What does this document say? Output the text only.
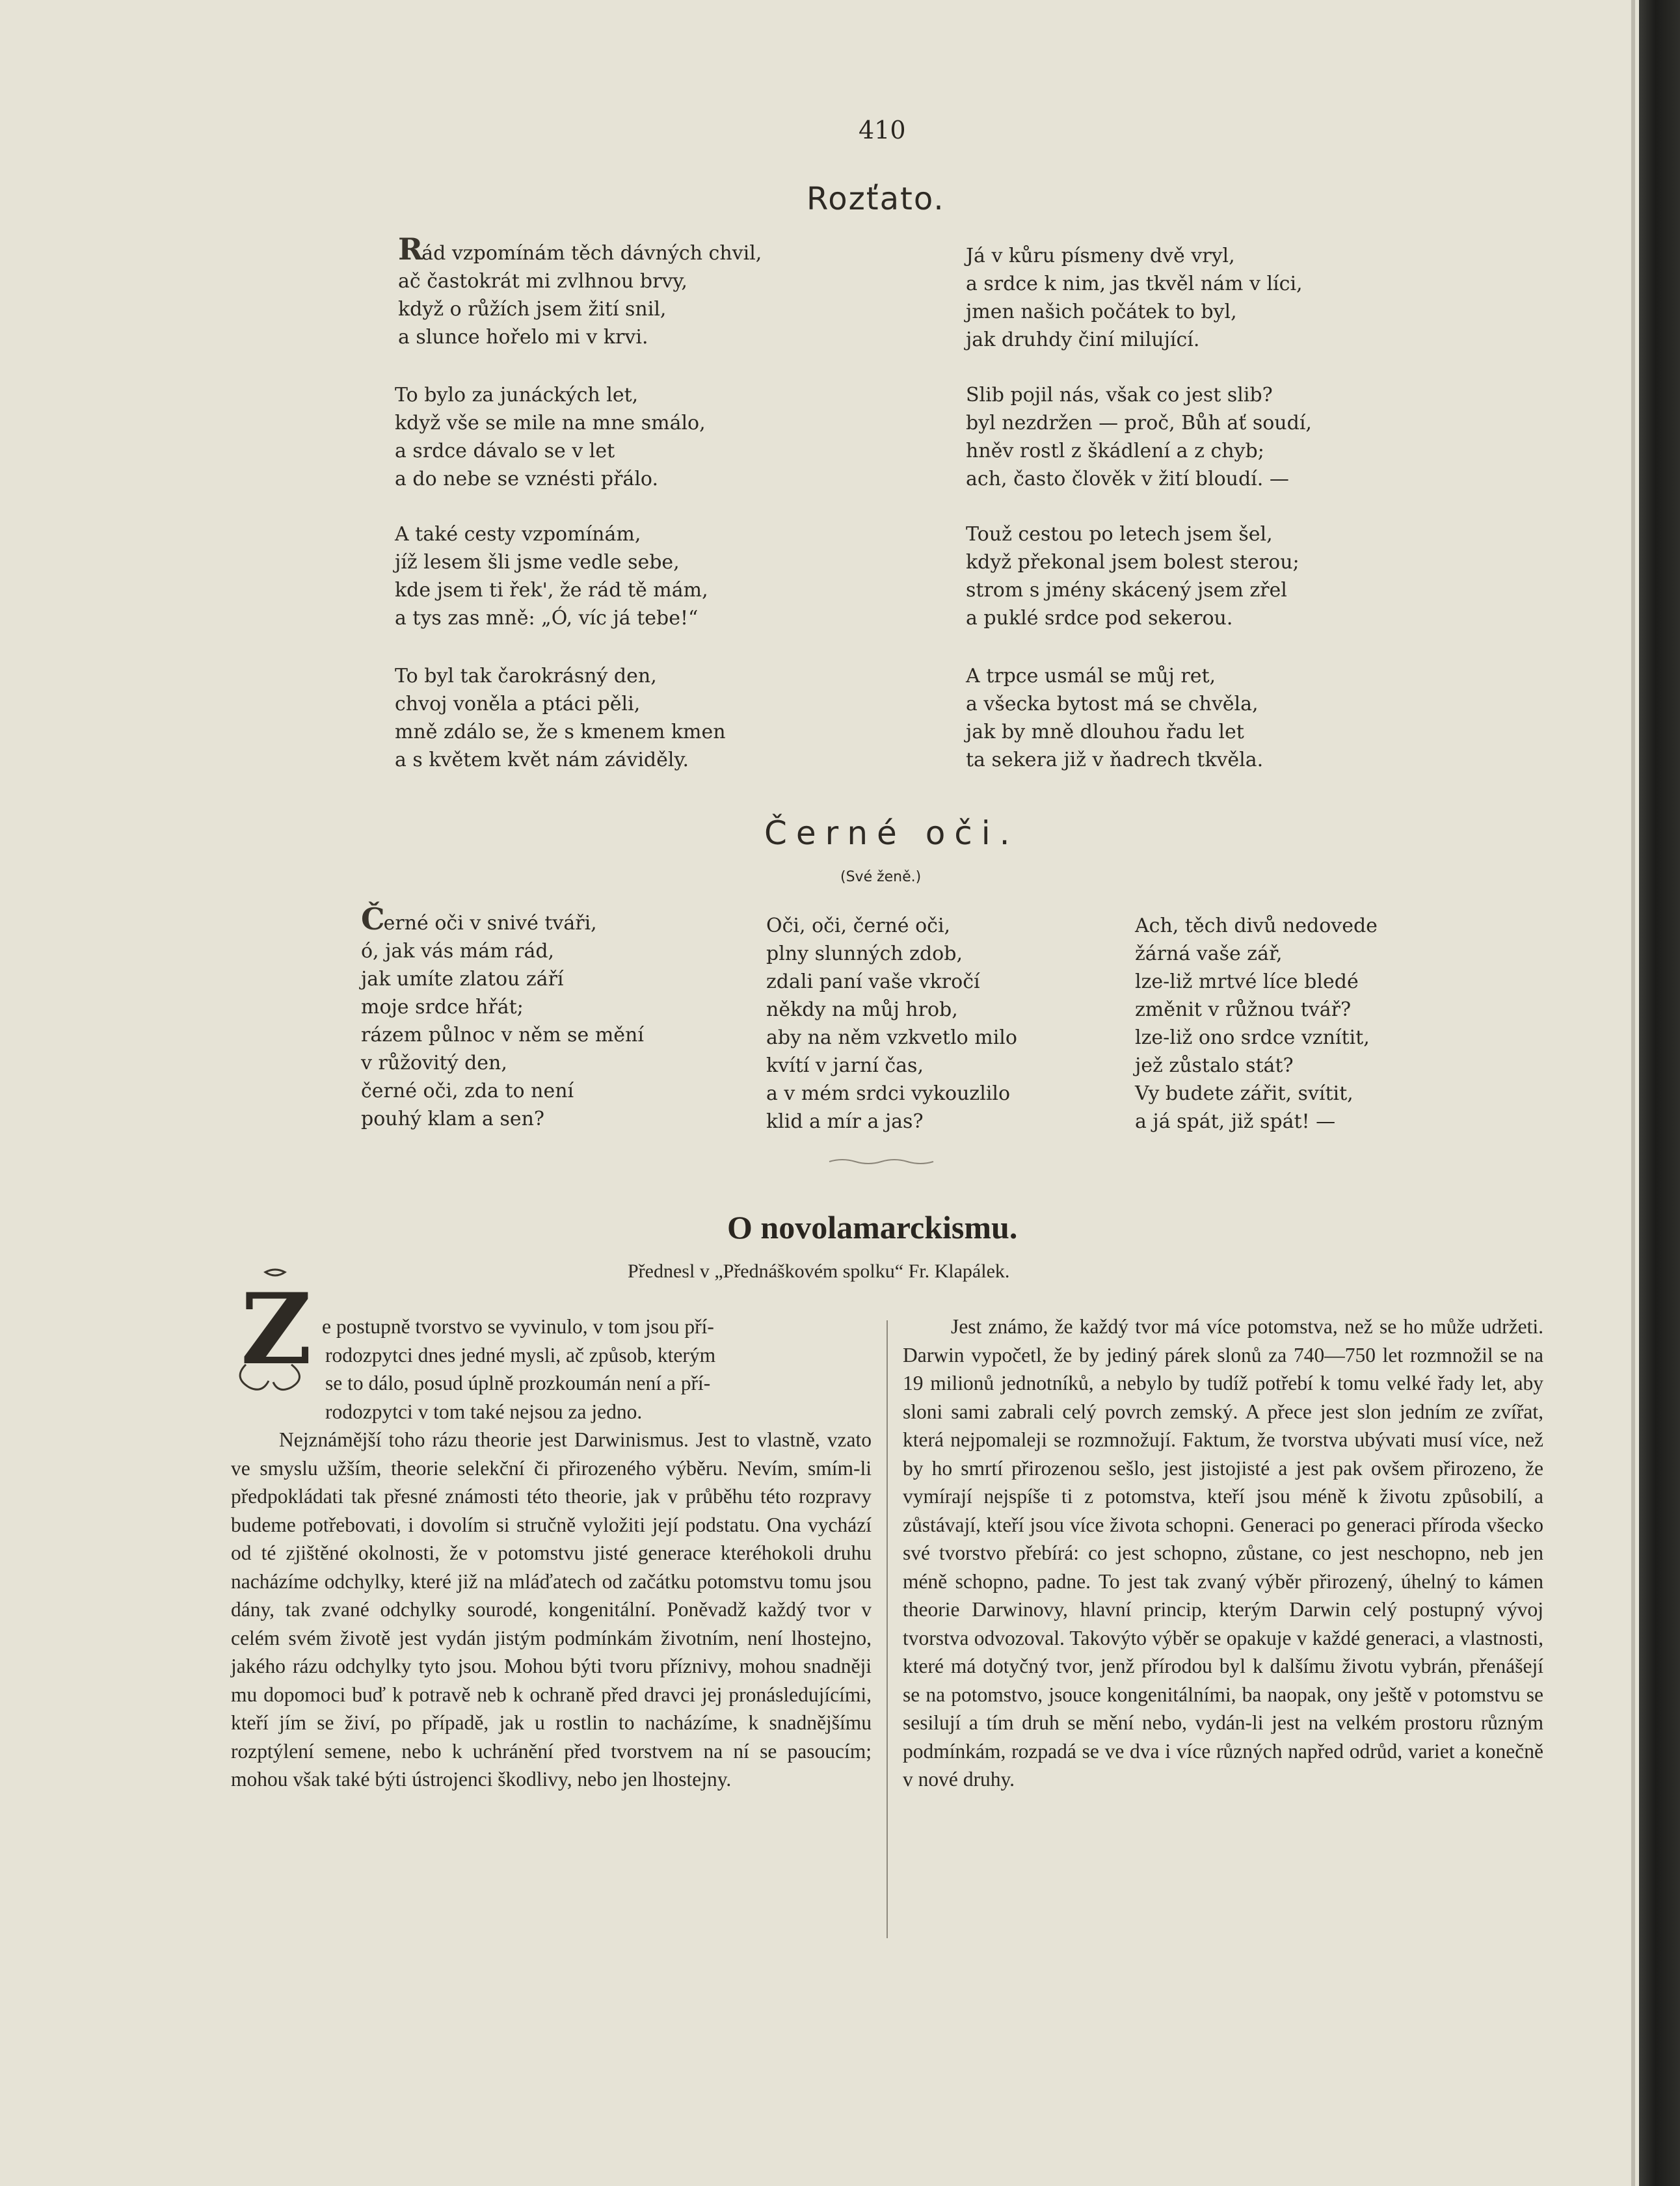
410
Rozťato.
Rád vzpomínám těch dávných chvil,
ač častokrát mi zvlhnou brvy,
když o růžích jsem žití snil,
a slunce hořelo mi v krvi.
To bylo za junáckých let,
když vše se mile na mne smálo,
a srdce dávalo se v let
a do nebe se vznésti přálo.
A také cesty vzpomínám,
jíž lesem šli jsme vedle sebe,
kde jsem ti řek', že rád tě mám,
a tys zas mně: „Ó, víc já tebe!“
To byl tak čarokrásný den,
chvoj voněla a ptáci pěli,
mně zdálo se, že s kmenem kmen
a s květem květ nám záviděly.
Já v kůru písmeny dvě vryl,
a srdce k nim, jas tkvěl nám v líci,
jmen našich počátek to byl,
jak druhdy činí milující.
Slib pojil nás, však co jest slib?
byl nezdržen — proč, Bůh ať soudí,
hněv rostl z škádlení a z chyb;
ach, často člověk v žití bloudí. —
Touž cestou po letech jsem šel,
když překonal jsem bolest sterou;
strom s jmény skácený jsem zřel
a puklé srdce pod sekerou.
A trpce usmál se můj ret,
a všecka bytost má se chvěla,
jak by mně dlouhou řadu let
ta sekera již v ňadrech tkvěla.
Černé oči.
(Své ženě.)
Černé oči v snivé tváři,
ó, jak vás mám rád,
jak umíte zlatou září
moje srdce hřát;
rázem půlnoc v něm se mění
v růžovitý den,
černé oči, zda to není
pouhý klam a sen?
Oči, oči, černé oči,
plny slunných zdob,
zdali paní vaše vkročí
někdy na můj hrob,
aby na něm vzkvetlo milo
kvítí v jarní čas,
a v mém srdci vykouzlilo
klid a mír a jas?
Ach, těch divů nedovede
žárná vaše zář,
lze-liž mrtvé líce bledé
změnit v růžnou tvář?
lze-liž ono srdce vznítit,
jež zůstalo stát?
Vy budete zářit, svítit,
a já spát, již spát! —
O novolamarckismu.
Přednesl v „Přednáškovém spolku“ Fr. Klapálek.
Z e postupně tvorstvo se vyvinulo, v tom jsou pří-
rodozpytci dnes jedné mysli, ač způsob, kterým
se to dálo, posud úplně prozkoumán není a pří-
rodozpytci v tom také nejsou za jedno.

Nejznámější toho rázu theorie jest Darwinismus. Jest to vlastně, vzato ve smyslu užším, theorie selekční či přirozeného výběru. Nevím, smím-li předpokládati tak přesné známosti této theorie, jak v průběhu této rozpravy budeme potřebovati, i dovolím si stručně vyložiti její podstatu. Ona vychází od té zjištěné okolnosti, že v potomstvu jisté generace kteréhokoli druhu nacházíme odchylky, které již na mláďatech od začátku potomstvu tomu jsou dány, tak zvané odchylky sourodé, kongenitální. Poněvadž každý tvor v celém svém životě jest vydán jistým podmínkám životním, není lhostejno, jakého rázu odchylky tyto jsou. Mohou býti tvoru příznivy, mohou snadněji mu dopomoci buď k potravě neb k ochraně před dravci jej pronásledujícími, kteří jím se živí, po případě, jak u rostlin to nacházíme, k snadnějšímu rozptýlení semene, nebo k uchránění před tvorstvem na ní se pasoucím; mohou však také býti ústrojenci škodlivy, nebo jen lhostejny.

Jest známo, že každý tvor má více potomstva, než se ho může udržeti. Darwin vypočetl, že by jediný párek slonů za 740—750 let rozmnožil se na 19 milionů jednotníků, a nebylo by tudíž potřebí k tomu velké řady let, aby sloni sami zabrali celý povrch zemský. A přece jest slon jedním ze zvířat, která nejpomaleji se rozmnožují. Faktum, že tvorstva ubývati musí více, než by ho smrtí přirozenou sešlo, jest jistojisté a jest pak ovšem přirozeno, že vymírají nejspíše ti z potomstva, kteří jsou méně k životu způsobilí, a zůstávají, kteří jsou více života schopni. Generaci po generaci příroda všecko své tvorstvo přebírá: co jest schopno, zůstane, co jest neschopno, neb jen méně schopno, padne. To jest tak zvaný výběr přirozený, úhelný to kámen theorie Darwinovy, hlavní princip, kterým Darwin celý postupný vývoj tvorstva odvozoval. Takovýto výběr se opakuje v každé generaci, a vlastnosti, které má dotyčný tvor, jenž přírodou byl k dalšímu životu vybrán, přenášejí se na potomstvo, jsouce kongenitálními, ba naopak, ony ještě v potomstvu se sesilují a tím druh se mění nebo, vydán-li jest na velkém prostoru různým podmínkám, rozpadá se ve dva i více různých napřed odrůd, variet a konečně v nové druhy.
